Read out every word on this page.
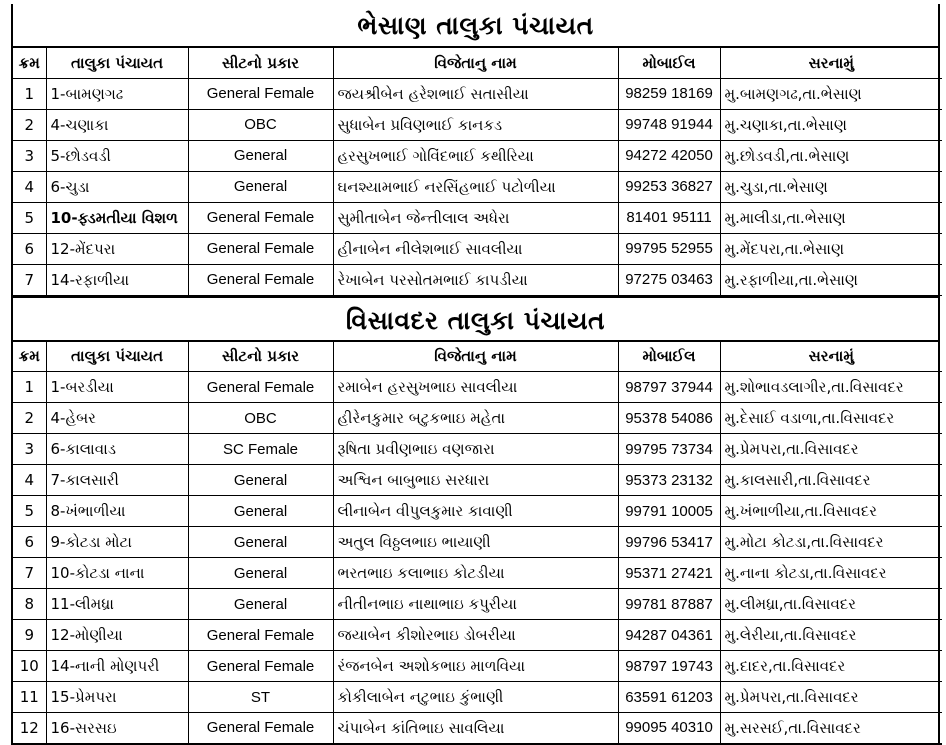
ભેસાણ તાલુકા પંચાયત
ક્રમ	તાલુકા પંચાયત	સીટનો પ્રકાર	વિજેતાનુ નામ	મોબાઈલ	સરનામું
1	1-બામણગઢ	General Female	જયશ્રીબેન હરેશભાઈ સતાસીયા	98259 18169	મુ.બામણગઢ,તા.ભેસાણ
2	4-ચણાકા	OBC	સુધાબેન પ્રવિણભાઈ કાનકડ	99748 91944	મુ.ચણાકા,તા.ભેસાણ
3	5-છોડવડી	General	હરસુખભાઈ ગોવિંદભાઈ કથીરિયા	94272 42050	મુ.છોડવડી,તા.ભેસાણ
4	6-ચુડા	General	ઘનશ્યામભાઈ નરસિંહભાઈ પટોળીયા	99253 36827	મુ.ચુડા,તા.ભેસાણ
5	10-ફ્ડમતીયા વિશળ	General Female	સુમીતાબેન જેન્તીલાલ અધેરા	81401 95111	મુ.માલીડા,તા.ભેસાણ
6	12-મેંદપરા	General Female	હીનાબેન નીલેશભાઈ સાવલીયા	99795 52955	મુ.મેંદપરા,તા.ભેસાણ
7	14-રફાળીયા	General Female	રેખાબેન પરસોતમભાઈ કાપડીયા	97275 03463	મુ.રફાળીયા,તા.ભેસાણ
વિસાવદર તાલુકા પંચાયત
ક્રમ	તાલુકા પંચાયત	સીટનો પ્રકાર	વિજેતાનુ નામ	મોબાઈલ	સરનામું
1	1-બરડીયા	General Female	રમાબેન હરસુખભાઇ સાવલીયા	98797 37944	મુ.શોભાવડલાગીર,તા.વિસાવદર
2	4-હેબર	OBC	હીરેનકુમાર બટુકભાઇ મહેતા	95378 54086	મુ.દેસાઈ વડાળા,તા.વિસાવદર
3	6-કાલાવાડ	SC Female	રૂષિતા પ્રવીણભાઇ વણજારા	99795 73734	મુ.પ્રેમપરા,તા.વિસાવદર
4	7-કાલસારી	General	અશ્વિન બાબુભાઇ સરધારા	95373 23132	મુ.કાલસારી,તા.વિસાવદર
5	8-ખંભાળીયા	General	લીનાબેન વીપુલકુમાર કાવાણી	99791 10005	મુ.ખંભાળીયા,તા.વિસાવદર
6	9-કોટડા મોટા	General	અતુલ વિઠ્ઠલભાઇ ભાયાણી	99796 53417	મુ.મોટા કોટડા,તા.વિસાવદર
7	10-કોટડા નાના	General	ભરતભાઇ કલાભાઇ કોટડીયા	95371 27421	મુ.નાના કોટડા,તા.વિસાવદર
8	11-લીમધ્રા	General	નીતીનભાઇ નાથાભાઇ કપુરીયા	99781 87887	મુ.લીમધ્રા,તા.વિસાવદર
9	12-મોણીયા	General Female	જયાબેન કીશોરભાઇ ડોબરીયા	94287 04361	મુ.લેરીયા,તા.વિસાવદર
10	14-નાની મોણપરી	General Female	રંજનબેન અશોકભાઇ માળવિયા	98797 19743	મુ.દાદર,તા.વિસાવદર
11	15-પ્રેમપરા	ST	કોકીલાબેન નટુભાઇ કુંભાણી	63591 61203	મુ.પ્રેમપરા,તા.વિસાવદર
12	16-સરસઇ	General Female	ચંપાબેન કાંતિભાઇ સાવલિયા	99095 40310	મુ.સરસઈ,તા.વિસાવદર
